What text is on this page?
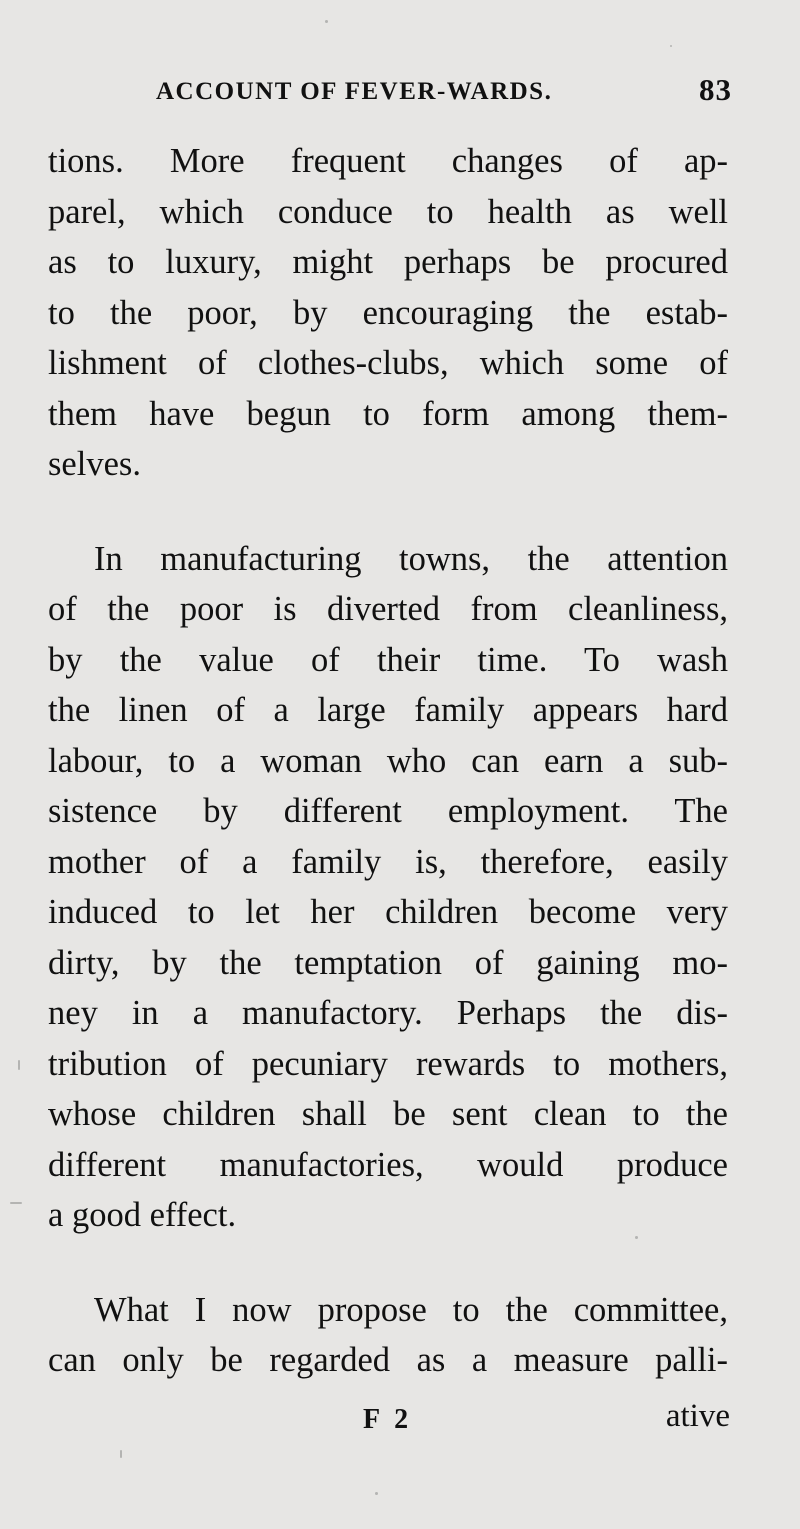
ACCOUNT OF FEVER-WARDS.	83
tions. More frequent changes of ap-
parel, which conduce to health as well
as to luxury, might perhaps be procured
to the poor, by encouraging the estab-
lishment of clothes-clubs, which some of
them have begun to form among them-
selves.
In manufacturing towns, the attention
of the poor is diverted from cleanliness,
by the value of their time. To wash
the linen of a large family appears hard
labour, to a woman who can earn a sub-
sistence by different employment. The
mother of a family is, therefore, easily
induced to let her children become very
dirty, by the temptation of gaining mo-
ney in a manufactory. Perhaps the dis-
tribution of pecuniary rewards to mothers,
whose children shall be sent clean to the
different manufactories, would produce
a good effect.
What I now propose to the committee,
can only be regarded as a measure palli-
F 2	ative
